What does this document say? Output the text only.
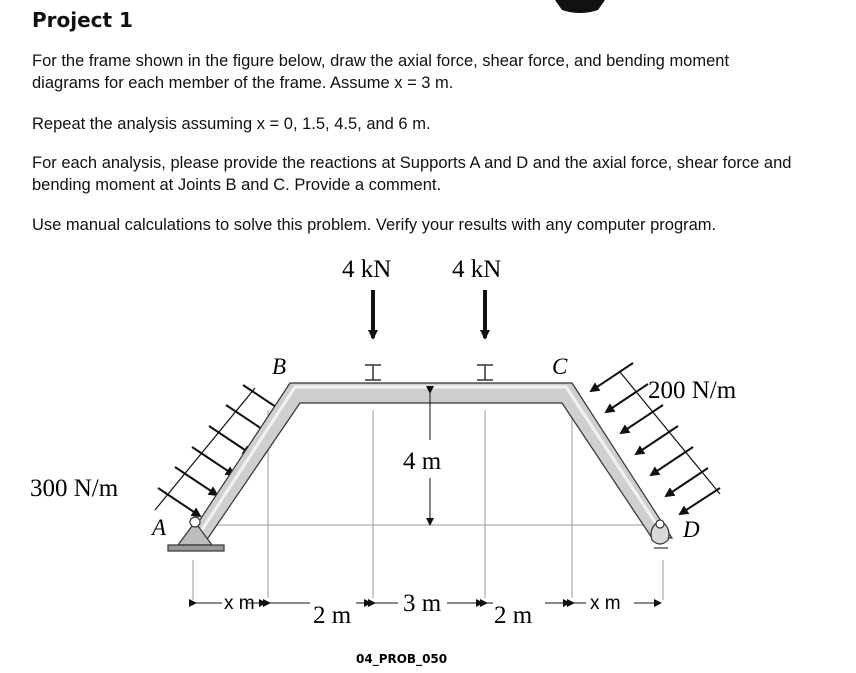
Project 1
For the frame shown in the figure below, draw the axial force, shear force, and bending moment diagrams for each member of the frame. Assume x = 3 m.
Repeat the analysis assuming x = 0, 1.5, 4.5, and 6 m.
For each analysis, please provide the reactions at Supports A and D and the axial force, shear force and bending moment at Joints B and C. Provide a comment.
Use manual calculations to solve this problem. Verify your results with any computer program.
4 kN 4 kN
B	C
A	D
300 N/m
200 N/m
4 m
x m 2 m 3 m 2 m	x m
04_PROB_050
